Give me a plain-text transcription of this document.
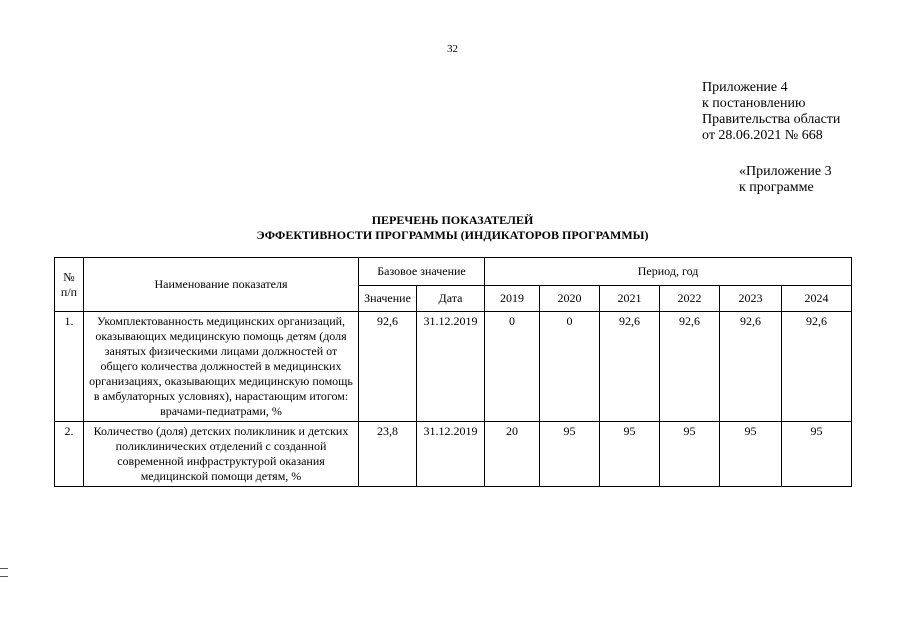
32
Приложение 4
к постановлению
Правительства области
от 28.06.2021 № 668
«Приложение 3
к программе
ПЕРЕЧЕНЬ ПОКАЗАТЕЛЕЙ
ЭФФЕКТИВНОСТИ ПРОГРАММЫ (ИНДИКАТОРОВ ПРОГРАММЫ)
№
п/п	Наименование показателя	Базовое значение		Период, год					
		Значение	Дата	2019	2020	2021	2022	2023	2024
1.	Укомплектованность медицинских организаций, оказывающих медицинскую помощь детям (доля занятых физическими лицами должностей от общего количества должностей в медицинских организациях, оказывающих медицинскую помощь в амбулаторных условиях), нарастающим итогом: врачами-педиатрами, %	92,6	31.12.2019	0	0	92,6	92,6	92,6	92,6
2.	Количество (доля) детских поликлиник и детских поликлинических отделений с созданной современной инфраструктурой оказания медицинской помощи детям, %	23,8	31.12.2019	20	95	95	95	95	95
